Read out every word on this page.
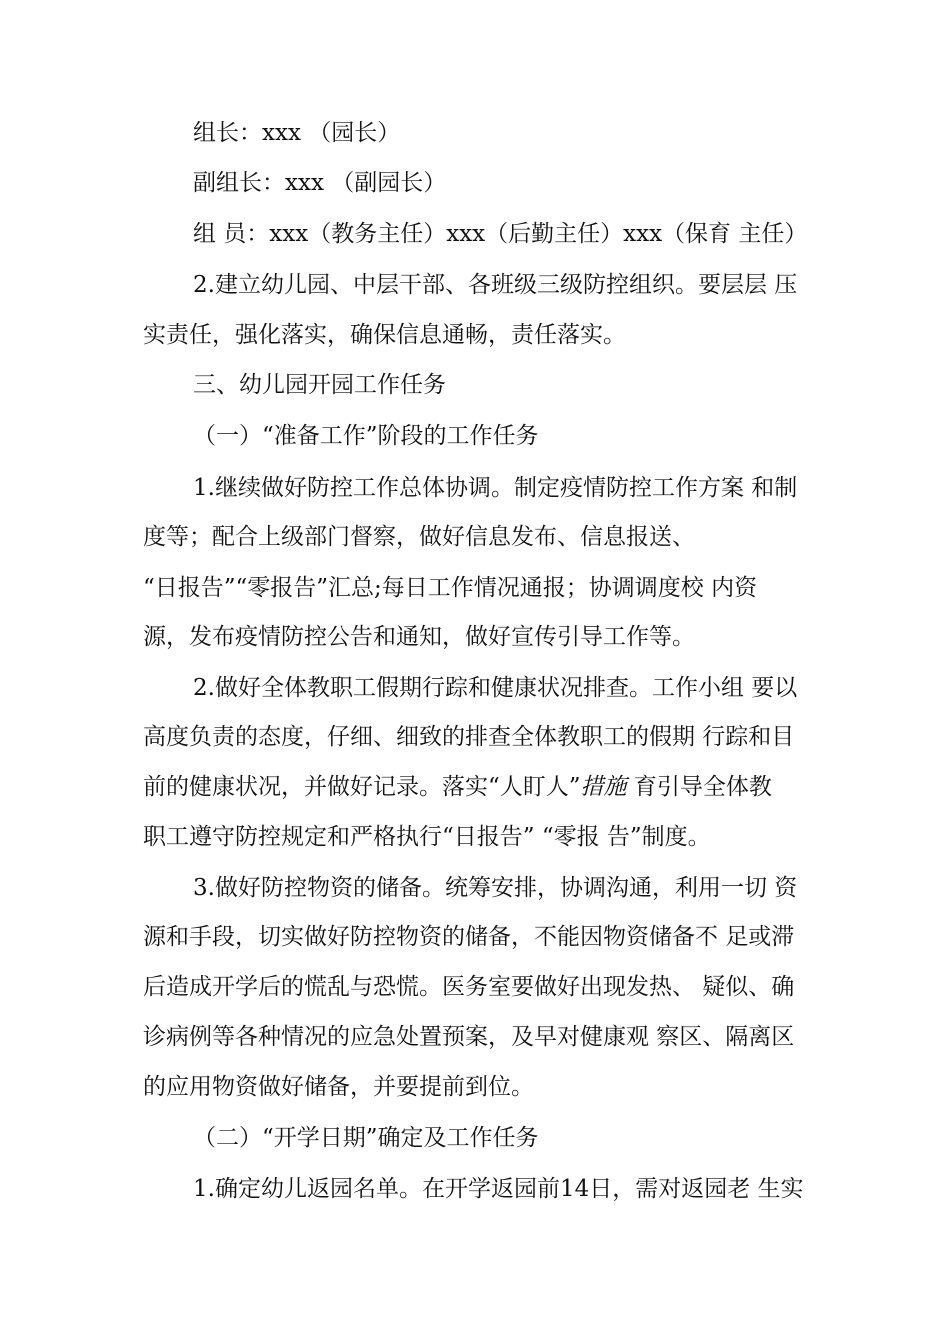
组长：xxx （园长）
副组长：xxx （副园长）
组 员：xxx（教务主任）xxx（后勤主任）xxx（保育 主任）
2.建立幼儿园、中层干部、各班级三级防控组织。要层层 压
实责任，强化落实，确保信息通畅，责任落实。
三、幼儿园开园工作任务
（一）“准备工作”阶段的工作任务
1.继续做好防控工作总体协调。制定疫情防控工作方案 和制
度等；配合上级部门督察，做好信息发布、信息报送、
“日报告”“零报告”汇总;每日工作情况通报；协调调度校 内资
源，发布疫情防控公告和通知，做好宣传引导工作等。
2.做好全体教职工假期行踪和健康状况排查。工作小组 要以
高度负责的态度，仔细、细致的排查全体教职工的假期 行踪和目
前的健康状况，并做好记录。落实“人盯人”措施 育引导全体教
职工遵守防控规定和严格执行“日报告” “零报 告”制度。
3.做好防控物资的储备。统筹安排，协调沟通，利用一切 资
源和手段，切实做好防控物资的储备，不能因物资储备不 足或滞
后造成开学后的慌乱与恐慌。医务室要做好出现发热、 疑似、确
诊病例等各种情况的应急处置预案，及早对健康观 察区、隔离区
的应用物资做好储备，并要提前到位。
（二）“开学日期”确定及工作任务
1.确定幼儿返园名单。在开学返园前14日，需对返园老 生实
